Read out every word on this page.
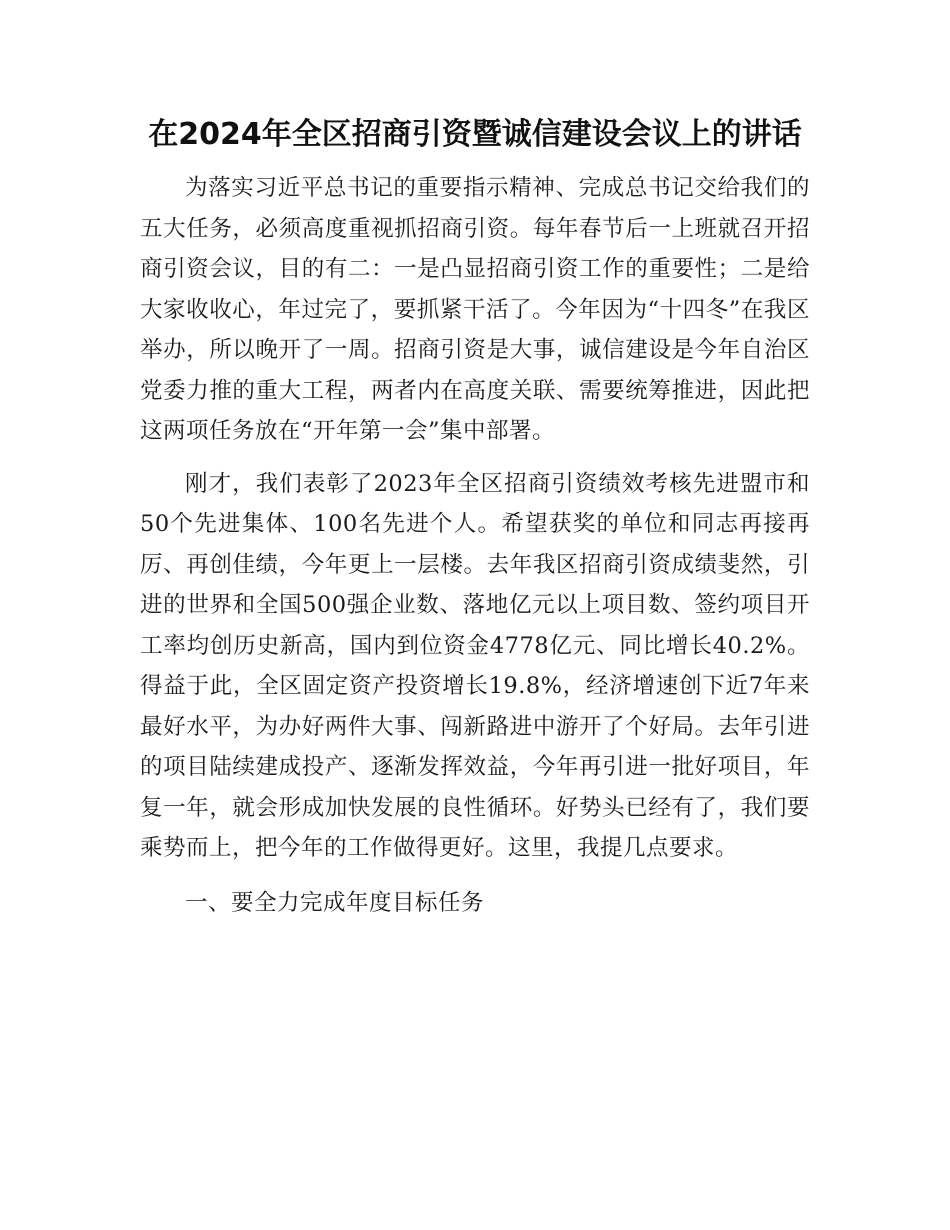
在2024年全区招商引资暨诚信建设会议上的讲话

为落实习近平总书记的重要指示精神、完成总书记交给我们的五大任务，必须高度重视抓招商引资。每年春节后一上班就召开招商引资会议，目的有二：一是凸显招商引资工作的重要性；二是给大家收收心，年过完了，要抓紧干活了。今年因为“十四冬”在我区举办，所以晚开了一周。招商引资是大事，诚信建设是今年自治区党委力推的重大工程，两者内在高度关联、需要统筹推进，因此把这两项任务放在“开年第一会”集中部署。

刚才，我们表彰了2023年全区招商引资绩效考核先进盟市和50个先进集体、100名先进个人。希望获奖的单位和同志再接再厉、再创佳绩，今年更上一层楼。去年我区招商引资成绩斐然，引进的世界和全国500强企业数、落地亿元以上项目数、签约项目开工率均创历史新高，国内到位资金4778亿元、同比增长40.2%。得益于此，全区固定资产投资增长19.8%，经济增速创下近7年来最好水平，为办好两件大事、闯新路进中游开了个好局。去年引进的项目陆续建成投产、逐渐发挥效益，今年再引进一批好项目，年复一年，就会形成加快发展的良性循环。好势头已经有了，我们要乘势而上，把今年的工作做得更好。这里，我提几点要求。

一、要全力完成年度目标任务
